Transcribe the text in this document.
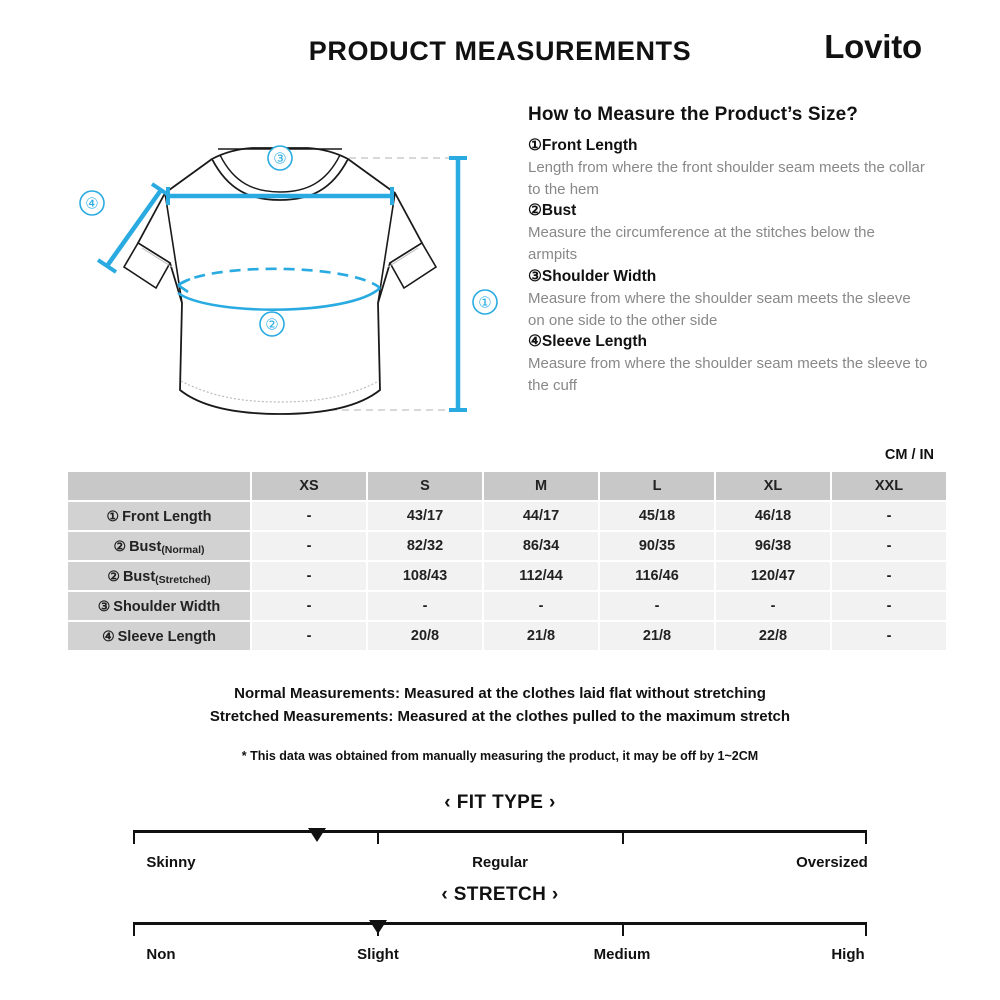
PRODUCT MEASUREMENTS	Lovito
③
④
②
①
How to Measure the Product’s Size?
①Front Length
Length from where the front shoulder seam meets the collar to the hem
②Bust
Measure the circumference at the stitches below the armpits
③Shoulder Width
Measure from where the shoulder seam meets the sleeve on one side to the other side
④Sleeve Length
Measure from where the shoulder seam meets the sleeve to the cuff
CM / IN
	XS	S	M	L	XL	XXL
① Front Length	-	43/17	44/17	45/18	46/18	-
② Bust(Normal)	-	82/32	86/34	90/35	96/38	-
② Bust(Stretched)	-	108/43	112/44	116/46	120/47	-
③ Shoulder Width	-	-	-	-	-	-
④ Sleeve Length	-	20/8	21/8	21/8	22/8	-
Normal Measurements: Measured at the clothes laid flat without stretching
Stretched Measurements: Measured at the clothes pulled to the maximum stretch
* This data was obtained from manually measuring the product, it may be off by 1~2CM
‹ FIT TYPE ›
Skinny	Regular	Oversized
‹ STRETCH ›
Non	Slight	Medium	High
